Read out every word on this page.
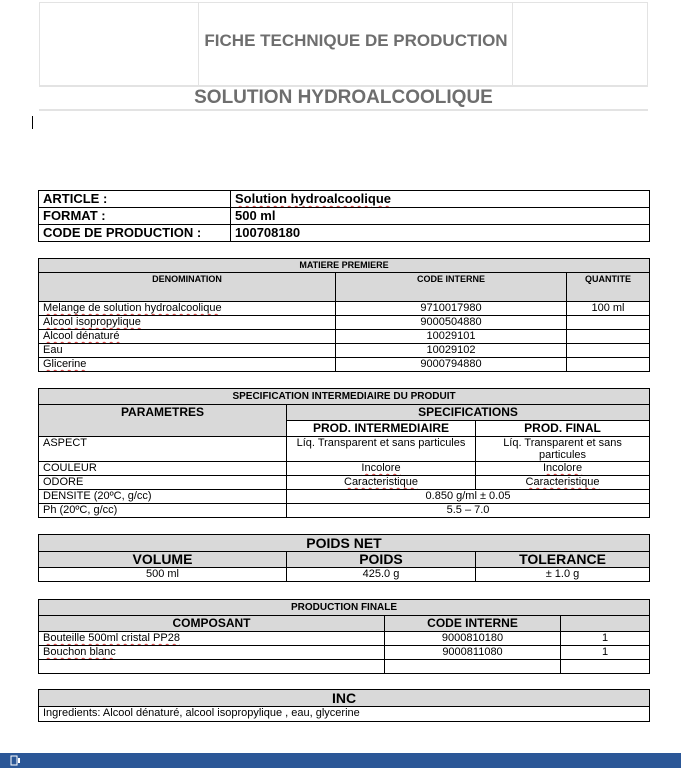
FICHE TECHNIQUE DE PRODUCTION
SOLUTION HYDROALCOOLIQUE
ARTICLE :	Solution hydroalcoolique
FORMAT :	500 ml
CODE DE PRODUCTION :	100708180
MATIERE PREMIERE		
DENOMINATION	CODE INTERNE	QUANTITE
Melange de solution hydroalcoolique	9710017980	100 ml
Alcool isopropylique	9000504880	
Alcool dénaturé	10029101	
Eau	10029102	
Glicerine	9000794880	
SPECIFICATION INTERMEDIAIRE DU PRODUIT		
PARAMETRES	SPECIFICATIONS	
	PROD. INTERMEDIAIRE	PROD. FINAL
ASPECT	Líq. Transparent et sans particules	Líq. Transparent et sans particules
COULEUR	Incolore	Incolore
ODORE	Caracteristique	Caracteristique
DENSITE (20ºC, g/cc)	0.850 g/ml ± 0.05	
Ph (20ºC, g/cc)	5.5 – 7.0	
POIDS NET		
VOLUME	POIDS	TOLERANCE
500 ml	425.0 g	± 1.0 g
PRODUCTION FINALE		
COMPOSANT	CODE INTERNE	
Bouteille 500ml cristal PP28	9000810180	1
Bouchon blanc	9000811080	1

INC
Ingredients: Alcool dénaturé, alcool isopropylique , eau, glycerine
